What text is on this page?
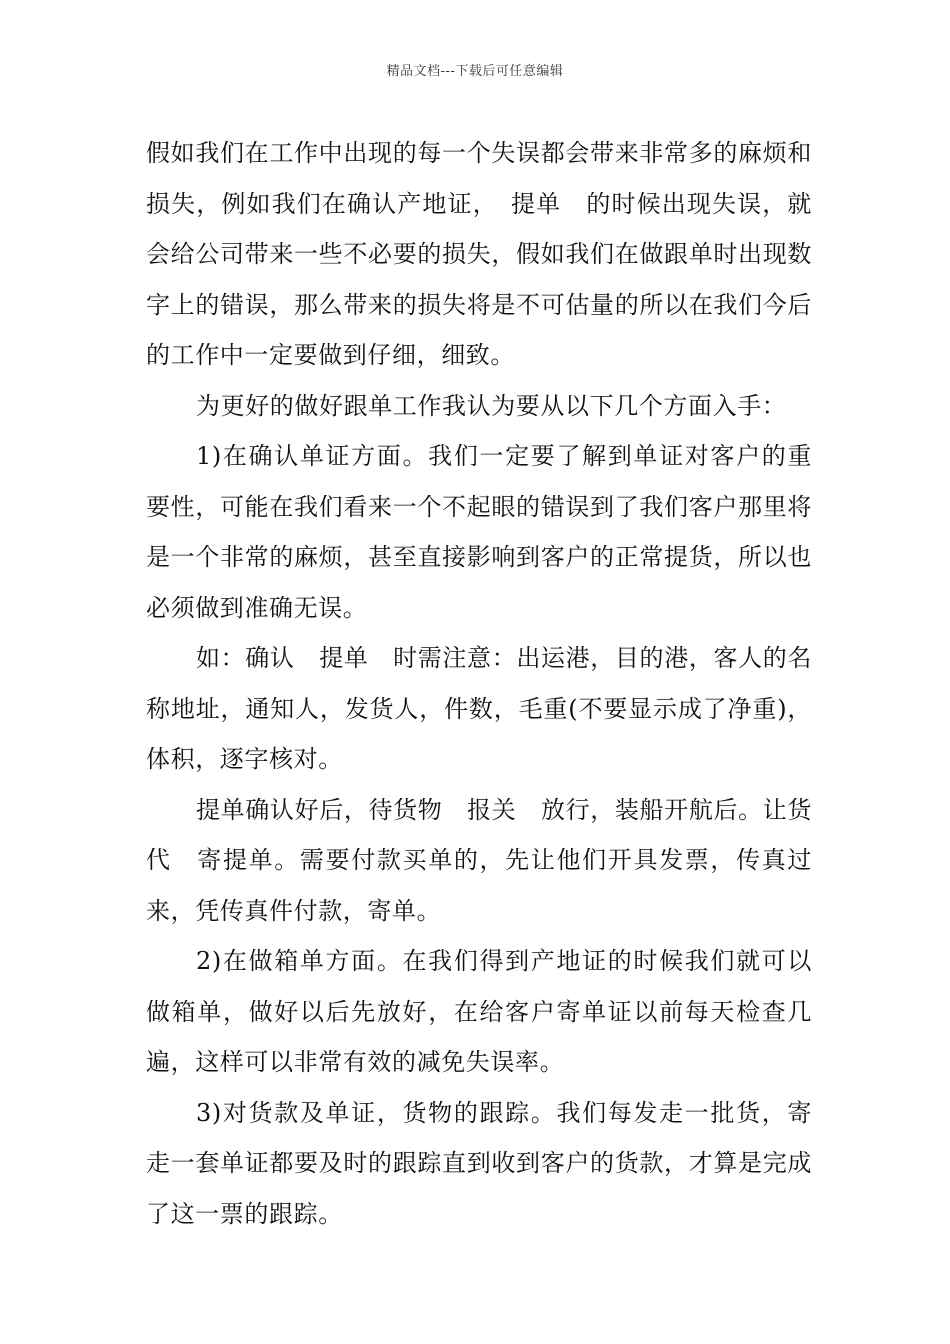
精品文档---下载后可任意编辑

假如我们在工作中出现的每一个失误都会带来非常多的麻烦和损失，例如我们在确认产地证，　提单　的时候出现失误，就会给公司带来一些不必要的损失，假如我们在做跟单时出现数字上的错误，那么带来的损失将是不可估量的所以在我们今后的工作中一定要做到仔细，细致。

为更好的做好跟单工作我认为要从以下几个方面入手：

1)在确认单证方面。我们一定要了解到单证对客户的重要性，可能在我们看来一个不起眼的错误到了我们客户那里将是一个非常的麻烦，甚至直接影响到客户的正常提货，所以也必须做到准确无误。

如：确认　提单　时需注意：出运港，目的港，客人的名称地址，通知人，发货人，件数，毛重(不要显示成了净重)，体积，逐字核对。

提单确认好后，待货物　报关　放行，装船开航后。让货代　寄提单。需要付款买单的，先让他们开具发票，传真过来，凭传真件付款，寄单。

2)在做箱单方面。在我们得到产地证的时候我们就可以做箱单，做好以后先放好，在给客户寄单证以前每天检查几遍，这样可以非常有效的减免失误率。

3)对货款及单证，货物的跟踪。我们每发走一批货，寄走一套单证都要及时的跟踪直到收到客户的货款，才算是完成了这一票的跟踪。
